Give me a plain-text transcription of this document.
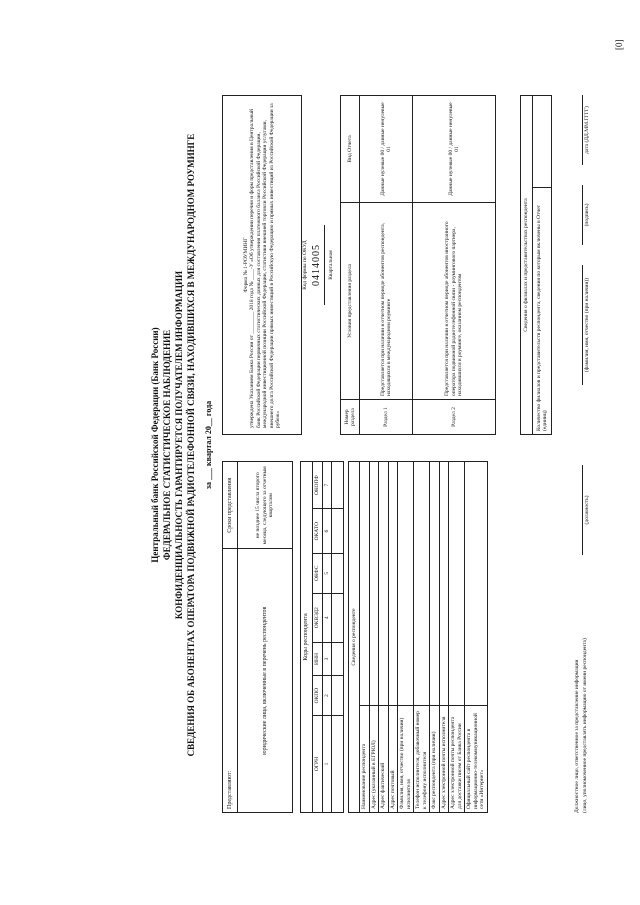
Центральный банк Российской Федерации (Банк России) ФЕДЕРАЛЬНОЕ СТАТИСТИЧЕСКОЕ НАБЛЮДЕНИЕ КОНФИДЕНЦИАЛЬНОСТЬ ГАРАНТИРУЕТСЯ ПОЛУЧАТЕЛЕМ ИНФОРМАЦИИ СВЕДЕНИЯ ОБ АБОНЕНТАХ ОПЕРАТОРА ПОДВИЖНОЙ РАДИОТЕЛЕФОННОЙ СВЯЗИ, НАХОДИВШИХСЯ В МЕЖДУНАРОДНОМ РОУМИНГЕ за ___ квартал 20__ года
Представляют:	Сроки представления
юридические лица, включенные в перечень респондентов	не позднее 15 числа второго месяца, следующего за отчетным кварталом
Коды респондента						
ОГРН	ОКПО	ИНН	ОКВЭД2	ОКФС	ОКАТО	ОКОПФ
1	2	3	4	5	6	7

Сведения о респонденте	
Наименование респондента	
Адрес (указанный в ЕГРЮЛ)	
Адрес фактический	
Адрес почтовый	
Фамилия, имя, отчество (при наличии) исполнителя	
Телефон исполнителя, добавочный номер к телефону исполнителя	
Факс респондента (при наличии)	
Адрес электронной почты исполнителя	
Адрес электронной почты респондента для доставки писем от Банка России	
Официальный сайт респондента в информационно-телекоммуникационной сети «Интернет»	
Форма № 1-РОУМИНГ утверждена Указанием Банка России от ________ 2018 года № ____-У «Об утверждении перечня и форм представления в Центральный банк Российской Федерации первичных статистических данных для составления платежного баланса Российской Федерации, международной инвестиционной позиции Российской Федерации, статистики внешней торговли Российской Федерации услугами, внешнего долга Российской Федерации прямых инвестиций в Российскую Федерацию и прямых инвестиций из Российской Федерации за рубеж»
Код формы по ОКУД 0414005 Квартальная
Номер раздела	Условия представления раздела	Вид Отчета
Раздел 1	Представляется при наличии в отчетном периоде абонентов респондента, находящихся в международном роуминге	Данные нулевые 00 / данные ненулевые 01
Раздел 2	Представляется при наличии в отчетном периоде абонентов иностранного оператора подвижной радиотелефонной связи - роумингового партнера, находившихся в роуминге, оказанном респондентом	Данные нулевые 00 / данные ненулевые 01
Сведения о филиалах и представительствах респондента
Количество филиалов и представительств респондента, сведения по которым включены в Отчет (единиц)	
Должностное лицо, ответственное за представление информации (лицо, уполномоченное представлять информацию от имени респондента)
(должность)
(фамилия, имя, отчество (при наличии))
(подпись)
дата (ДД.ММ.ГГГГ)
[0]
